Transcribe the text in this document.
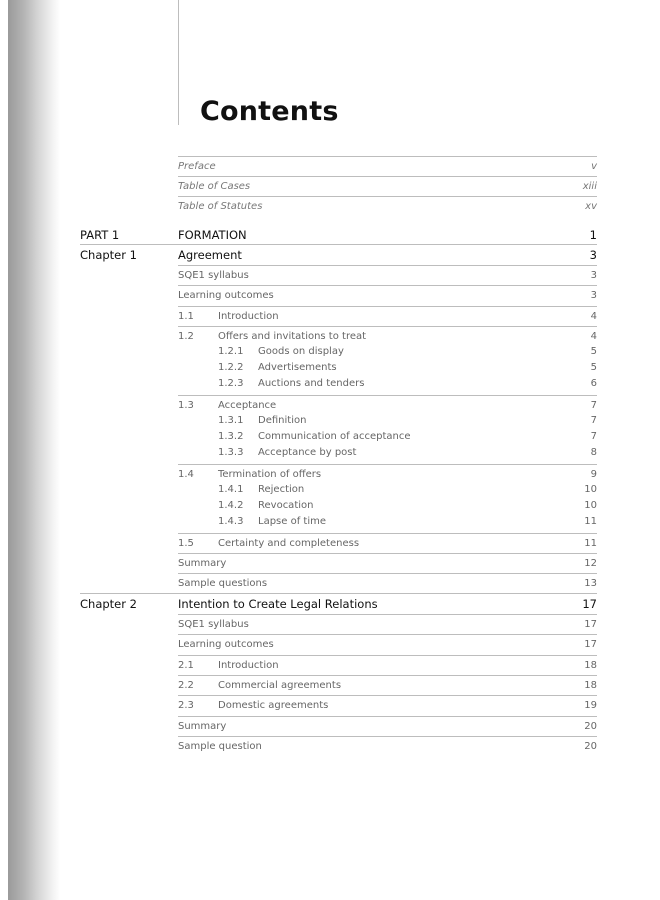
Contents
Preface	v
Table of Cases	xiii
Table of Statutes	xv
PART 1	FORMATION	1
Chapter 1	Agreement	3
SQE1 syllabus	3
Learning outcomes	3
1.1 Introduction	4
1.2 Offers and invitations to treat	4
1.2.1 Goods on display	5
1.2.2 Advertisements	5
1.2.3 Auctions and tenders	6
1.3 Acceptance	7
1.3.1 Definition	7
1.3.2 Communication of acceptance	7
1.3.3 Acceptance by post	8
1.4 Termination of offers	9
1.4.1 Rejection	10
1.4.2 Revocation	10
1.4.3 Lapse of time	11
1.5 Certainty and completeness	11
Summary	12
Sample questions	13
Chapter 2	Intention to Create Legal Relations	17
SQE1 syllabus	17
Learning outcomes	17
2.1 Introduction	18
2.2 Commercial agreements	18
2.3 Domestic agreements	19
Summary	20
Sample question	20
